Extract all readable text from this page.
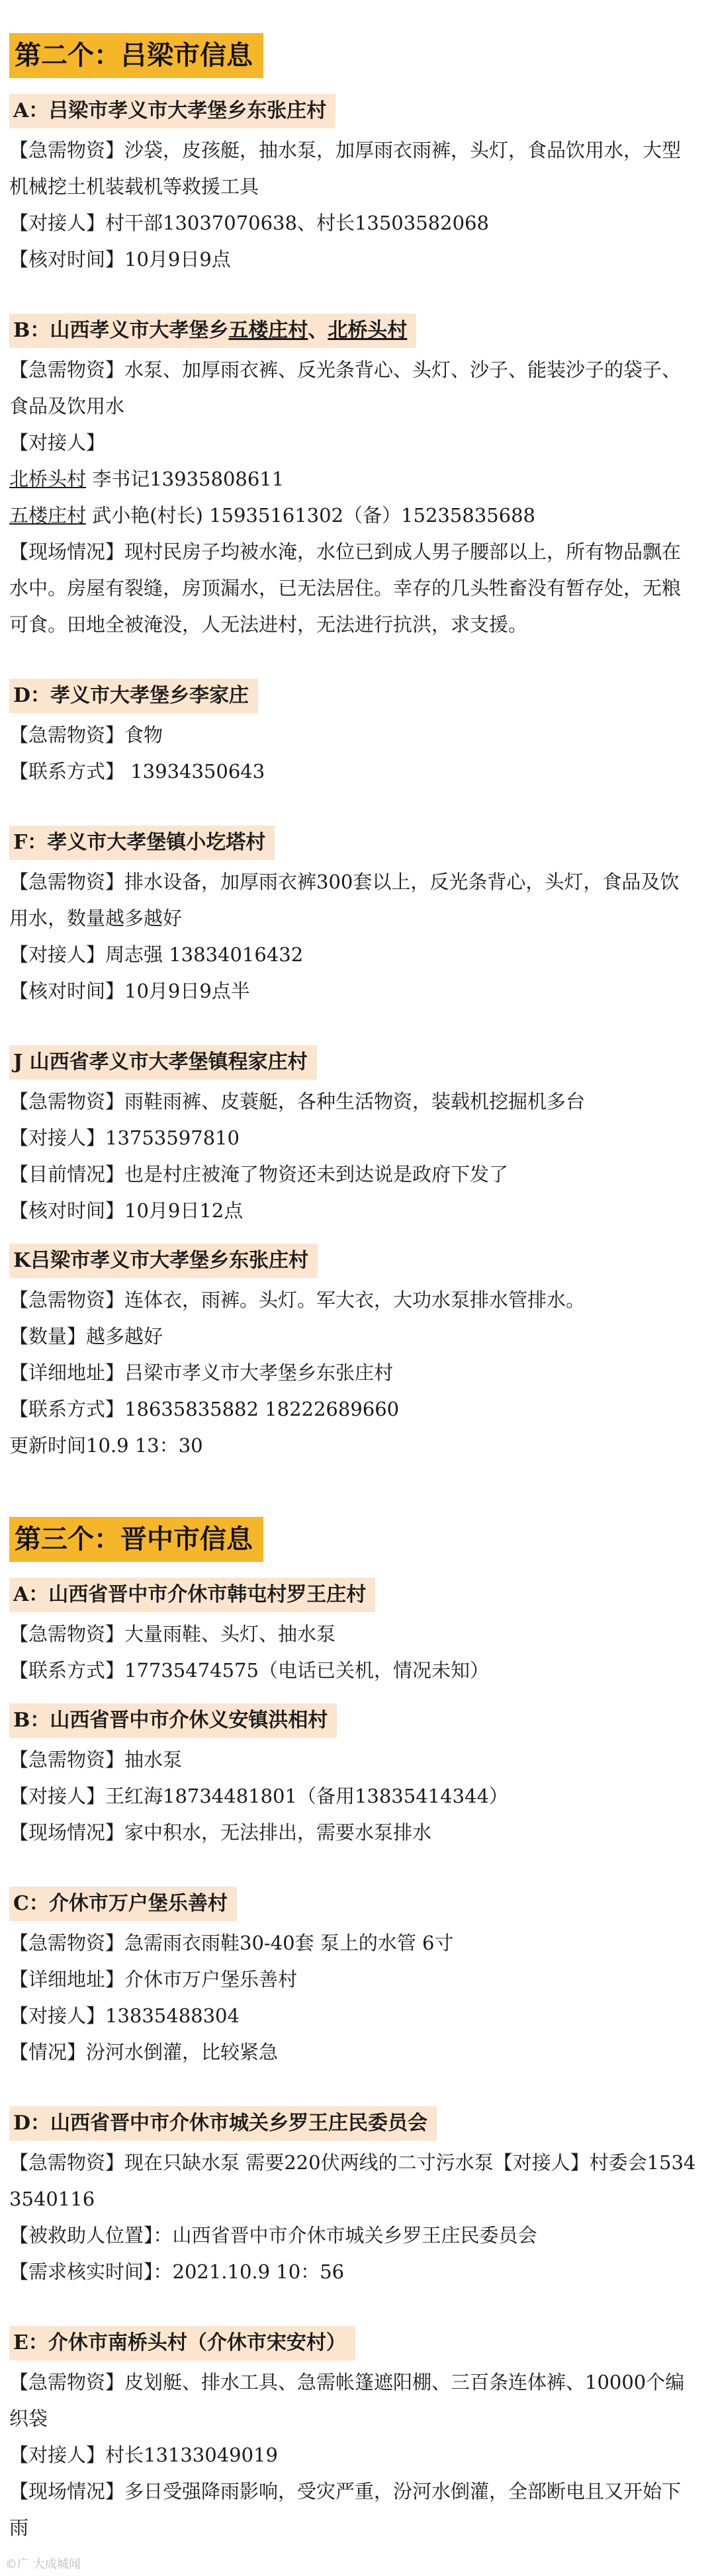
第二个：吕梁市信息
A：吕梁市孝义市大孝堡乡东张庄村
【急需物资】沙袋，皮孩艇，抽水泵，加厚雨衣雨裤，头灯，食品饮用水，大型机械挖土机装载机等救援工具
【对接人】村干部13037070638、村长13503582068
【核对时间】10月9日9点
B：山西孝义市大孝堡乡五楼庄村、北桥头村
【急需物资】水泵、加厚雨衣裤、反光条背心、头灯、沙子、能装沙子的袋子、食品及饮用水
【对接人】
北桥头村 李书记13935808611
五楼庄村 武小艳(村长) 15935161302（备）15235835688
【现场情况】现村民房子均被水淹，水位已到成人男子腰部以上，所有物品飘在水中。房屋有裂缝，房顶漏水，已无法居住。幸存的几头牲畜没有暂存处，无粮可食。田地全被淹没，人无法进村，无法进行抗洪，求支援。
D：孝义市大孝堡乡李家庄
【急需物资】食物
【联系方式】 13934350643
F：孝义市大孝堡镇小圪塔村
【急需物资】排水设备，加厚雨衣裤300套以上，反光条背心，头灯，食品及饮用水，数量越多越好
【对接人】周志强 13834016432
【核对时间】10月9日9点半
J 山西省孝义市大孝堡镇程家庄村
【急需物资】雨鞋雨裤、皮蓑艇，各种生活物资，装载机挖掘机多台
【对接人】13753597810
【目前情况】也是村庄被淹了物资还未到达说是政府下发了
【核对时间】10月9日12点
K吕梁市孝义市大孝堡乡东张庄村
【急需物资】连体衣，雨裤。头灯。军大衣，大功水泵排水管排水。
【数量】越多越好
【详细地址】吕梁市孝义市大孝堡乡东张庄村
【联系方式】18635835882 18222689660
更新时间10.9 13：30
第三个：晋中市信息
A：山西省晋中市介休市韩屯村罗王庄村
【急需物资】大量雨鞋、头灯、抽水泵
【联系方式】17735474575（电话已关机，情况未知）
B：山西省晋中市介休义安镇洪相村
【急需物资】抽水泵
【对接人】王红海18734481801（备用13835414344）
【现场情况】家中积水，无法排出，需要水泵排水
C：介休市万户堡乐善村
【急需物资】急需雨衣雨鞋30-40套 泵上的水管 6寸
【详细地址】介休市万户堡乐善村
【对接人】13835488304
【情况】汾河水倒灌，比较紧急
D：山西省晋中市介休市城关乡罗王庄民委员会
【急需物资】现在只缺水泵 需要220伏两线的二寸污水泵【对接人】村委会15343540116
【被救助人位置】：山西省晋中市介休市城关乡罗王庄民委员会
【需求核实时间】：2021.10.9 10：56
E：介休市南桥头村（介休市宋安村）
【急需物资】皮划艇、排水工具、急需帐篷遮阳棚、三百条连体裤、10000个编织袋
【对接人】村长13133049019
【现场情况】多日受强降雨影响，受灾严重，汾河水倒灌，全部断电且又开始下雨
©广 大成城闻
